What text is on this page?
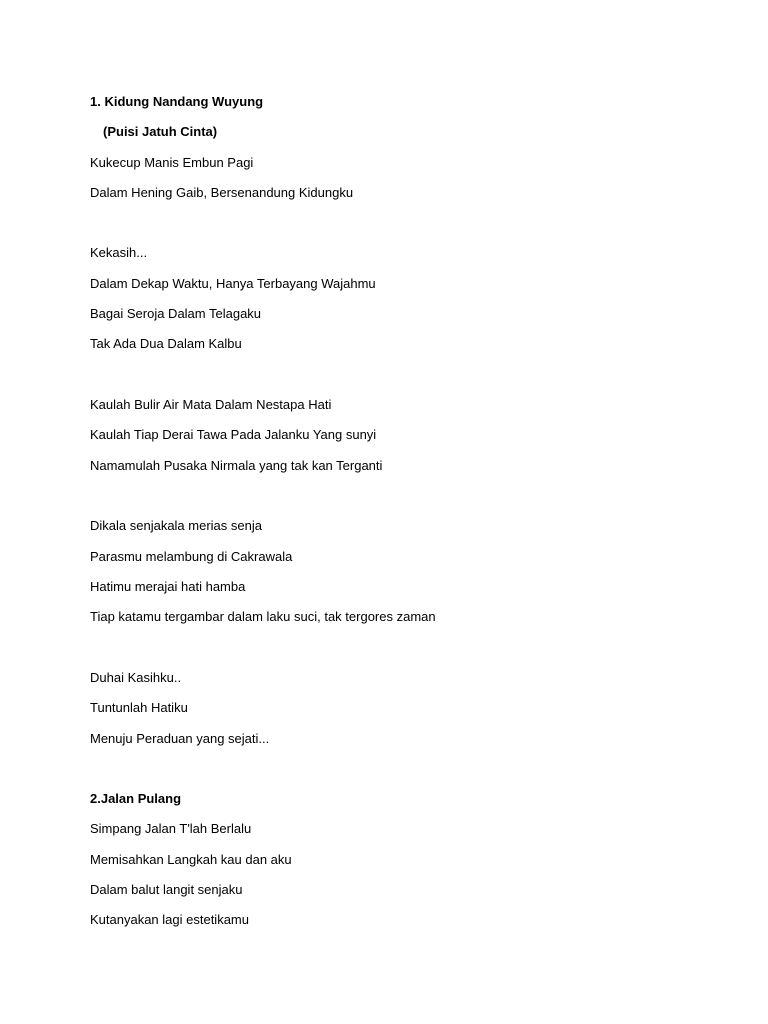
1. Kidung Nandang Wuyung
(Puisi Jatuh Cinta)
Kukecup Manis Embun Pagi
Dalam Hening Gaib, Bersenandung Kidungku
Kekasih...
Dalam Dekap Waktu, Hanya Terbayang Wajahmu
Bagai Seroja Dalam Telagaku
Tak Ada Dua Dalam Kalbu
Kaulah Bulir Air Mata Dalam Nestapa Hati
Kaulah Tiap Derai Tawa Pada Jalanku Yang sunyi
Namamulah Pusaka Nirmala yang tak kan Terganti
Dikala senjakala merias senja
Parasmu melambung di Cakrawala
Hatimu merajai hati hamba
Tiap katamu tergambar dalam laku suci, tak tergores zaman
Duhai Kasihku..
Tuntunlah Hatiku
Menuju Peraduan yang sejati...
2.Jalan Pulang
Simpang Jalan T'lah Berlalu
Memisahkan Langkah kau dan aku
Dalam balut langit senjaku
Kutanyakan lagi estetikamu
